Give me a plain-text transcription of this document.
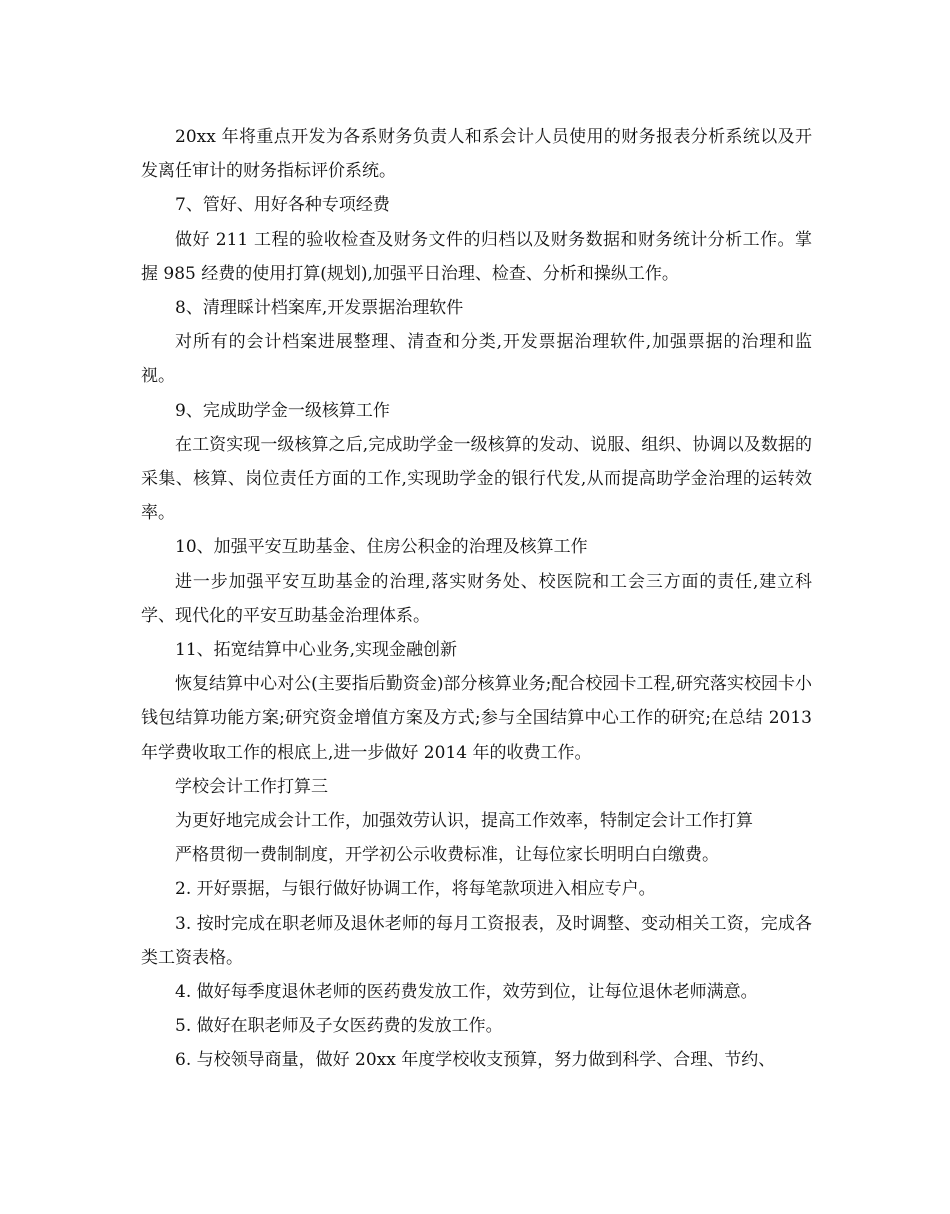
20xx 年将重点开发为各系财务负责人和系会计人员使用的财务报表分析系统以及开发离任审计的财务指标评价系统。

7、管好、用好各种专项经费

做好 211 工程的验收检查及财务文件的归档以及财务数据和财务统计分析工作。掌握 985 经费的使用打算(规划),加强平日治理、检查、分析和操纵工作。

8、清理睬计档案库,开发票据治理软件

对所有的会计档案进展整理、清查和分类,开发票据治理软件,加强票据的治理和监视。

9、完成助学金一级核算工作

在工资实现一级核算之后,完成助学金一级核算的发动、说服、组织、协调以及数据的采集、核算、岗位责任方面的工作,实现助学金的银行代发,从而提高助学金治理的运转效率。

10、加强平安互助基金、住房公积金的治理及核算工作

进一步加强平安互助基金的治理,落实财务处、校医院和工会三方面的责任,建立科学、现代化的平安互助基金治理体系。

11、拓宽结算中心业务,实现金融创新

恢复结算中心对公(主要指后勤资金)部分核算业务;配合校园卡工程,研究落实校园卡小钱包结算功能方案;研究资金增值方案及方式;参与全国结算中心工作的研究;在总结 2013 年学费收取工作的根底上,进一步做好 2014 年的收费工作。

学校会计工作打算三

为更好地完成会计工作，加强效劳认识，提高工作效率，特制定会计工作打算

严格贯彻一费制制度，开学初公示收费标准，让每位家长明明白白缴费。

2. 开好票据，与银行做好协调工作，将每笔款项进入相应专户。

3. 按时完成在职老师及退休老师的每月工资报表，及时调整、变动相关工资，完成各类工资表格。

4. 做好每季度退休老师的医药费发放工作，效劳到位，让每位退休老师满意。

5. 做好在职老师及子女医药费的发放工作。

6. 与校领导商量，做好 20xx 年度学校收支预算，努力做到科学、合理、节约、
